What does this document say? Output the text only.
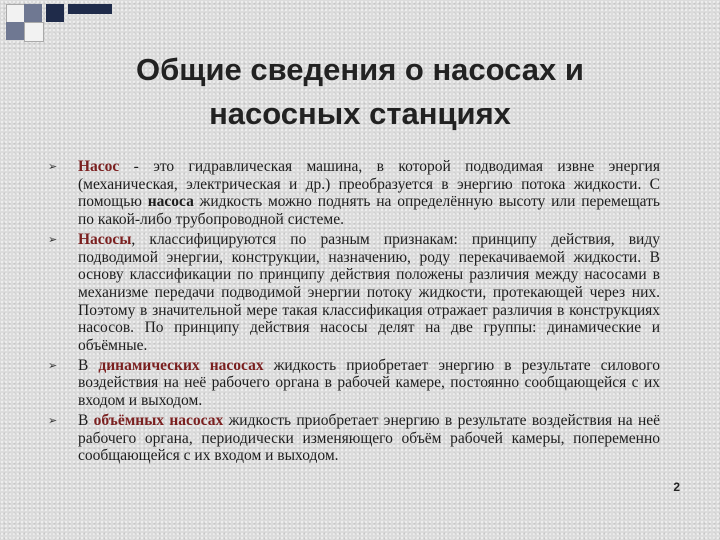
Общие сведения о насосах и
насосных станциях
➢	Насос - это гидравлическая машина, в которой подводимая извне энергия (механическая, электрическая и др.) преобразуется в энергию потока жидкости. С помощью насоса жидкость можно поднять на определённую высоту или перемещать по какой-либо трубопроводной системе.
➢	Насосы, классифицируются по разным признакам: принципу действия, виду подводимой энергии, конструкции, назначению, роду перекачиваемой жидкости. В основу классификации по принципу действия положены различия между насосами в механизме передачи подводимой энергии потоку жидкости, протекающей через них. Поэтому в значительной мере такая классификация отражает различия в конструкциях насосов. По принципу действия насосы делят на две группы: динамические и объёмные.
➢	В динамических насосах жидкость приобретает энергию в результате силового воздействия на неё рабочего органа в рабочей камере, постоянно сообщающейся с их входом и выходом.
➢	В объёмных насосах жидкость приобретает энергию в результате воздействия на неё рабочего органа, периодически изменяющего объём рабочей камеры, попеременно сообщающейся с их входом и выходом.
2
